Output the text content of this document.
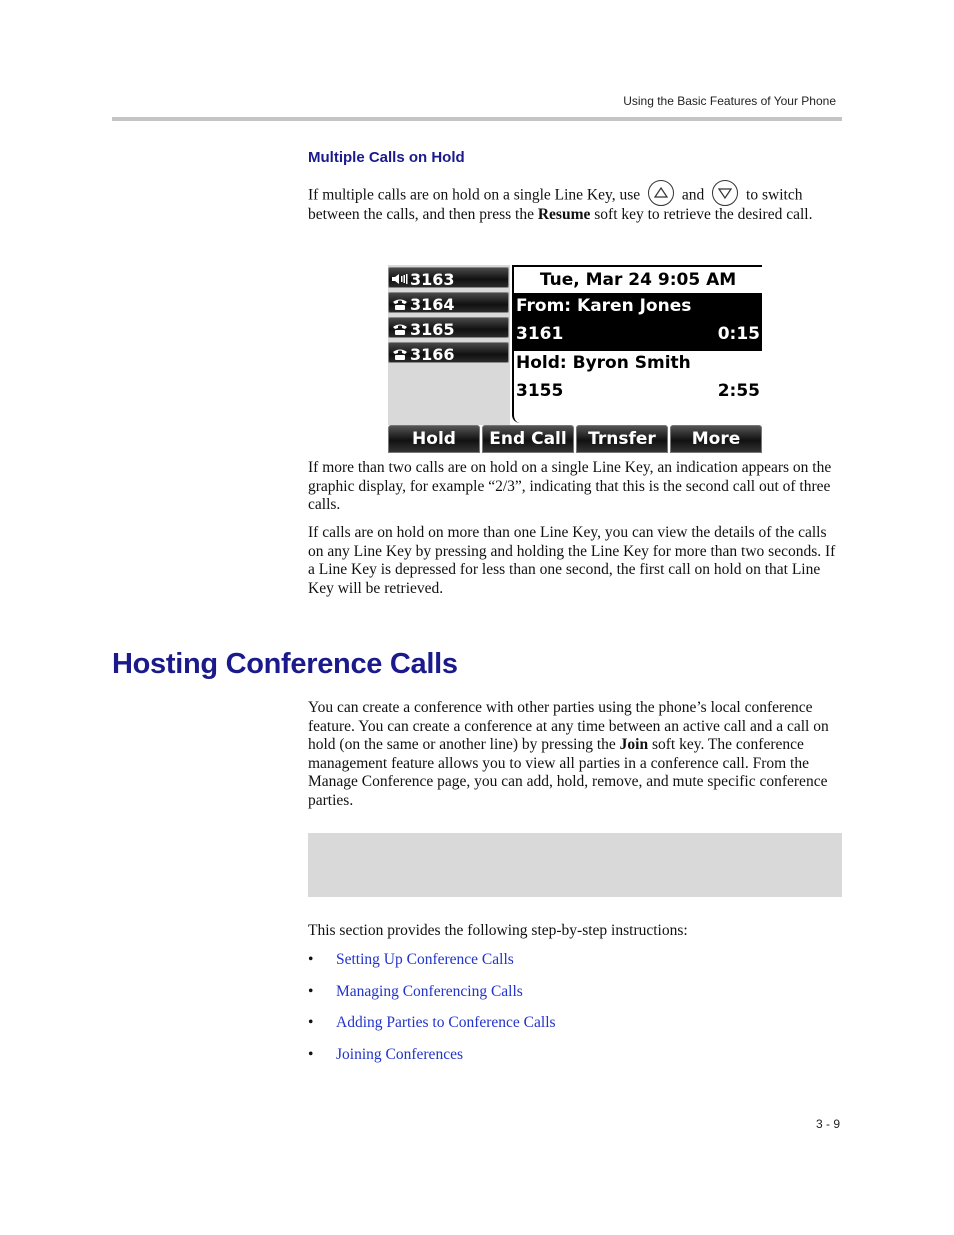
Using the Basic Features of Your Phone
Multiple Calls on Hold

If multiple calls are on hold on a single Line Key, use	and	to switch between the calls, and then press the Resume soft key to retrieve the desired call.

3163
3164
3165
3166
Tue, Mar 24 9:05 AM
From: Karen Jones
3161	0:15
Hold: Byron Smith
3155	2:55
Hold	End Call	Trnsfer	More

If more than two calls are on hold on a single Line Key, an indication appears on the graphic display, for example “2/3”, indicating that this is the second call out of three calls.

If calls are on hold on more than one Line Key, you can view the details of the calls on any Line Key by pressing and holding the Line Key for more than two seconds. If a Line Key is depressed for less than one second, the first call on hold on that Line Key will be retrieved.

Hosting Conference Calls

You can create a conference with other parties using the phone’s local conference feature. You can create a conference at any time between an active call and a call on hold (on the same or another line) by pressing the Join soft key. The conference management feature allows you to view all parties in a conference call. From the Manage Conference page, you can add, hold, remove, and mute specific conference parties.

This section provides the following step-by-step instructions:

• Setting Up Conference Calls
• Managing Conferencing Calls
• Adding Parties to Conference Calls
• Joining Conferences
3 - 9
